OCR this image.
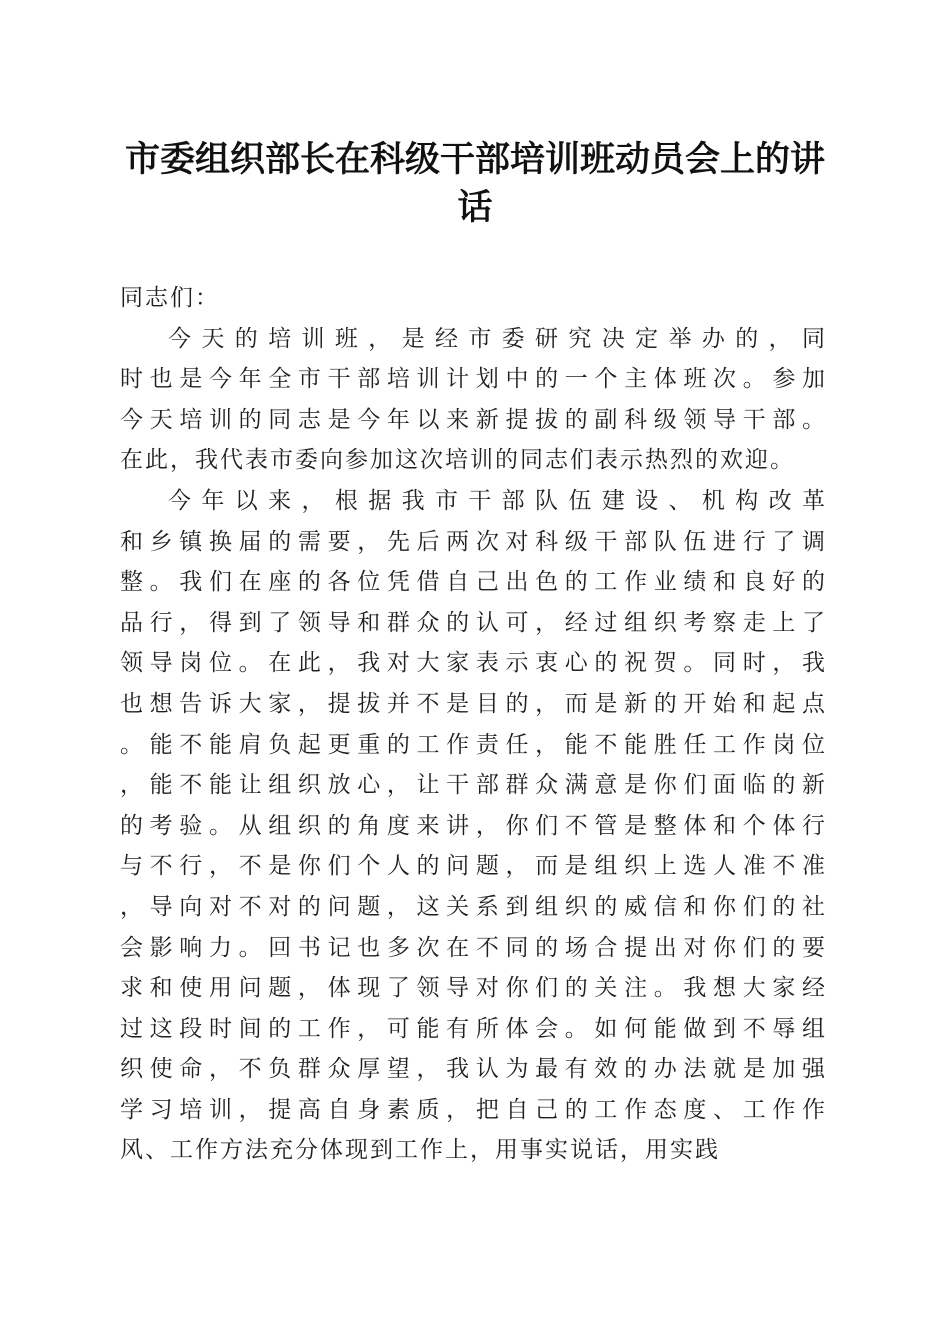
市委组织部长在科级干部培训班动员会上的讲话
同志们：
今天的培训班，是经市委研究决定举办的，同
时也是今年全市干部培训计划中的一个主体班次。参加
今天培训的同志是今年以来新提拔的副科级领导干部。
在此，我代表市委向参加这次培训的同志们表示热烈的欢迎。
今年以来，根据我市干部队伍建设、机构改革
和乡镇换届的需要，先后两次对科级干部队伍进行了调
整。我们在座的各位凭借自己出色的工作业绩和良好的
品行，得到了领导和群众的认可，经过组织考察走上了
领导岗位。在此，我对大家表示衷心的祝贺。同时，我
也想告诉大家，提拔并不是目的，而是新的开始和起点
。能不能肩负起更重的工作责任，能不能胜任工作岗位
，能不能让组织放心，让干部群众满意是你们面临的新
的考验。从组织的角度来讲，你们不管是整体和个体行
与不行，不是你们个人的问题，而是组织上选人准不准
，导向对不对的问题，这关系到组织的威信和你们的社
会影响力。回书记也多次在不同的场合提出对你们的要
求和使用问题，体现了领导对你们的关注。我想大家经
过这段时间的工作，可能有所体会。如何能做到不辱组
织使命，不负群众厚望，我认为最有效的办法就是加强
学习培训，提高自身素质，把自己的工作态度、工作作
风、工作方法充分体现到工作上，用事实说话，用实践
